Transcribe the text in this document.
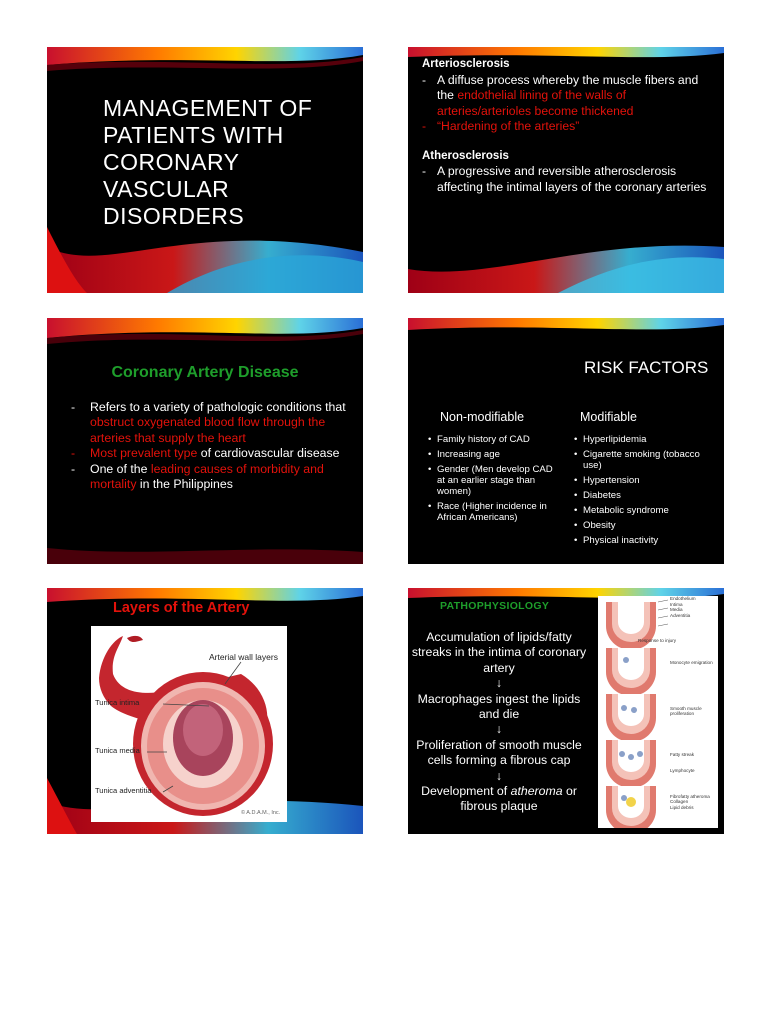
MANAGEMENT OF
PATIENTS WITH
CORONARY
VASCULAR
DISORDERS
Arteriosclerosis
- A diffuse process whereby the muscle fibers and the endothelial lining of the walls of arteries/arterioles become thickened
- “Hardening of the arteries”
Atherosclerosis
- A progressive and reversible atherosclerosis affecting the intimal layers of the coronary arteries
Coronary Artery Disease
-	Refers to a variety of pathologic conditions that obstruct oxygenated blood flow through the arteries that supply the heart
-	Most prevalent type of cardiovascular disease
-	One of the leading causes of morbidity and mortality in the Philippines
RISK FACTORS
Non-modifiable	Modifiable
• Family history of CAD
• Increasing age
• Gender (Men develop CAD at an earlier stage than women)
• Race (Higher incidence in African Americans)
• Hyperlipidemia
• Cigarette smoking (tobacco use)
• Hypertension
• Diabetes
• Metabolic syndrome
• Obesity
• Physical inactivity
Layers of the Artery
Arterial wall layers
Tunica intima
Tunica media
Tunica adventitia
© A.D.A.M., Inc.
PATHOPHYSIOLOGY
Accumulation of lipids/fatty streaks in the intima of coronary artery
↓
Macrophages ingest the lipids and die
↓
Proliferation of smooth muscle cells forming a fibrous cap
↓
Development of atheroma or fibrous plaque
Endothelium
Intima
Media
Adventitia
Response to injury
Monocyte emigration
Smooth muscle proliferation
Fatty streak
Lymphocyte
Fibrofatty atheroma
Collagen
Lipid debris
